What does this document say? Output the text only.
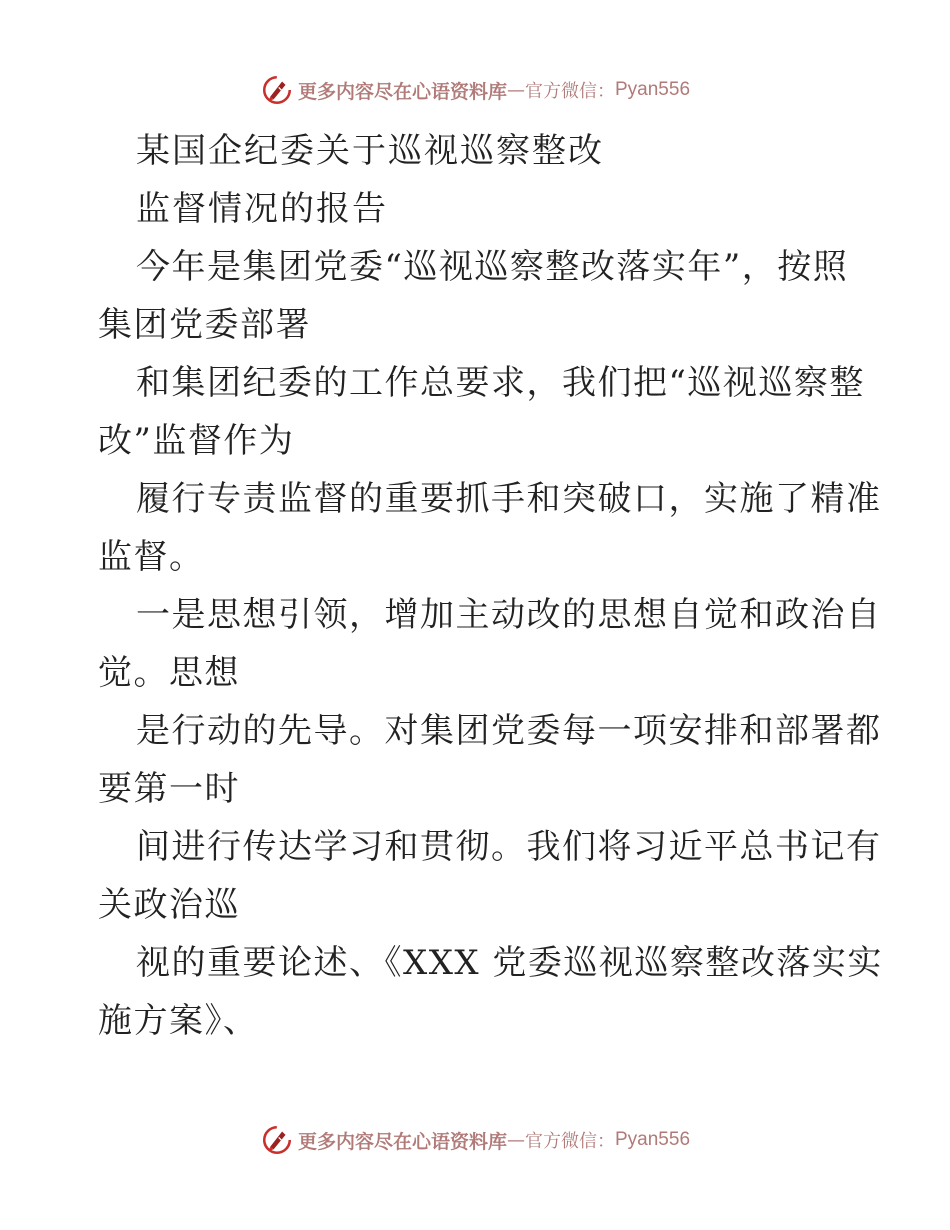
更多内容尽在心语资料库 — 官方微信： Pyan556
某国企纪委关于巡视巡察整改
监督情况的报告
今年是集团党委“巡视巡察整改落实年”，按照
集团党委部署
和集团纪委的工作总要求，我们把“巡视巡察整
改”监督作为
履行专责监督的重要抓手和突破口，实施了精准
监督。
一是思想引领，增加主动改的思想自觉和政治自
觉。思想
是行动的先导。对集团党委每一项安排和部署都
要第一时
间进行传达学习和贯彻。我们将习近平总书记有
关政治巡
视的重要论述、《XXX 党委巡视巡察整改落实实
施方案》、
更多内容尽在心语资料库 — 官方微信： Pyan556
